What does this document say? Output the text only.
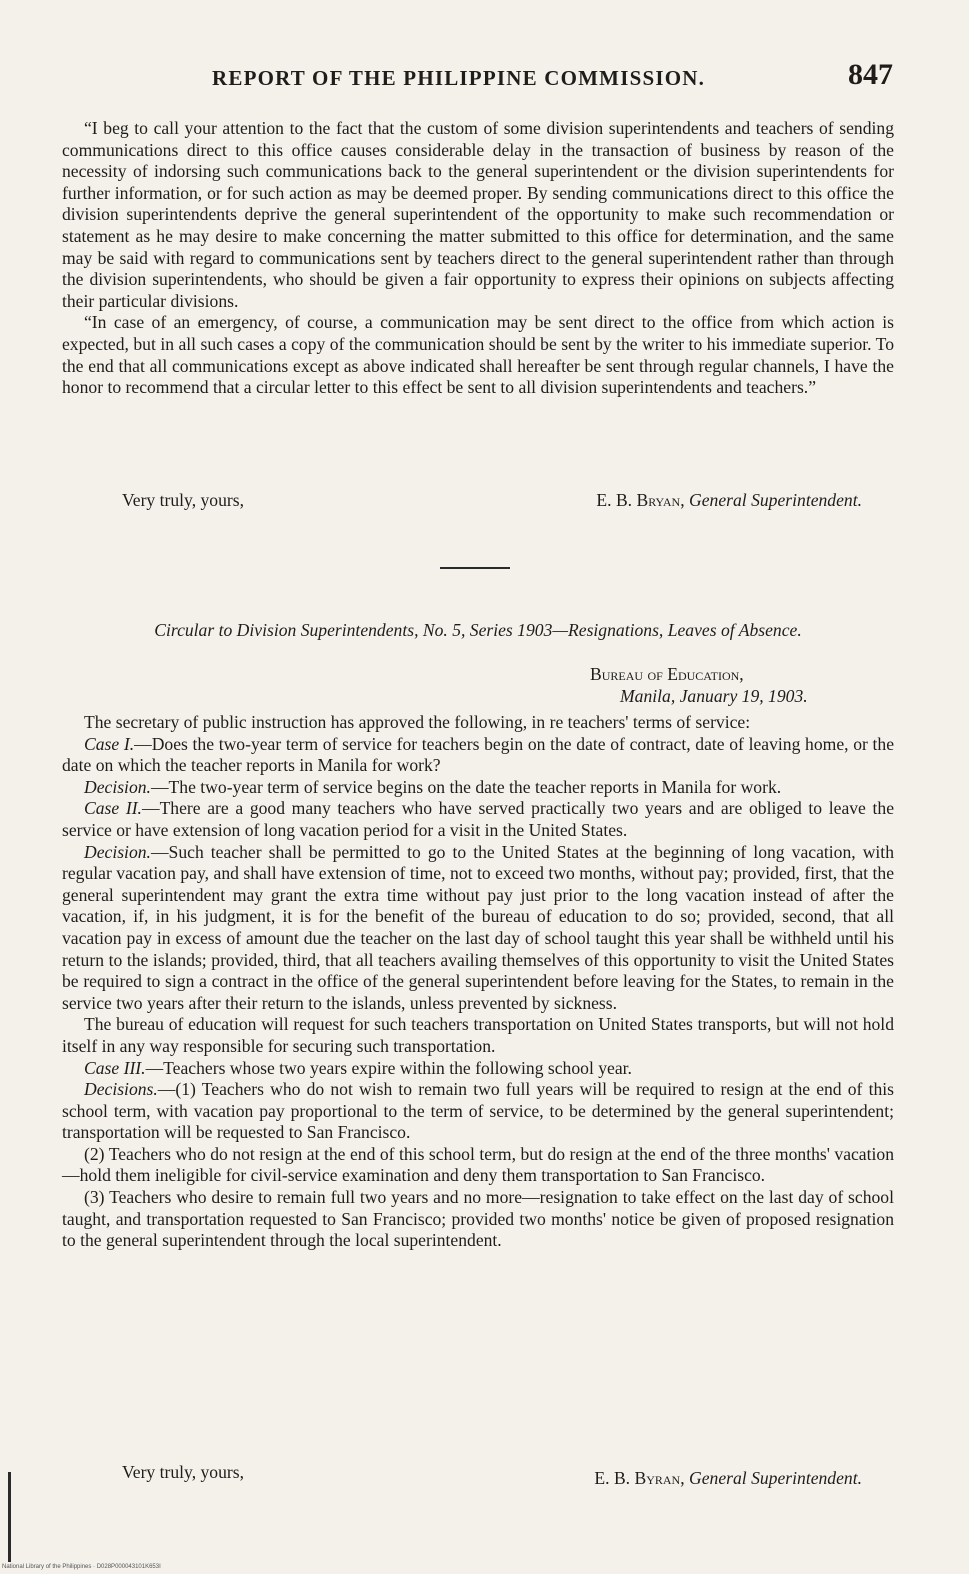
REPORT OF THE PHILIPPINE COMMISSION.	847

“I beg to call your attention to the fact that the custom of some division superintendents and teachers of sending communications direct to this office causes considerable delay in the transaction of business by reason of the necessity of indorsing such communications back to the general superintendent or the division superintendents for further information, or for such action as may be deemed proper. By sending communications direct to this office the division superintendents deprive the general superintendent of the opportunity to make such recommendation or statement as he may desire to make concerning the matter submitted to this office for determination, and the same may be said with regard to communications sent by teachers direct to the general superintendent rather than through the division superintendents, who should be given a fair opportunity to express their opinions on subjects affecting their particular divisions.

“In case of an emergency, of course, a communication may be sent direct to the office from which action is expected, but in all such cases a copy of the communication should be sent by the writer to his immediate superior. To the end that all communications except as above indicated shall hereafter be sent through regular channels, I have the honor to recommend that a circular letter to this effect be sent to all division superintendents and teachers.”

Very truly, yours,	E. B. Bryan, General Superintendent.
Circular to Division Superintendents, No. 5, Series 1903—Resignations, Leaves of Absence.
Bureau of Education,
Manila, January 19, 1903.

The secretary of public instruction has approved the following, in re teachers' terms of service:

Case I.—Does the two-year term of service for teachers begin on the date of contract, date of leaving home, or the date on which the teacher reports in Manila for work?

Decision.—The two-year term of service begins on the date the teacher reports in Manila for work.

Case II.—There are a good many teachers who have served practically two years and are obliged to leave the service or have extension of long vacation period for a visit in the United States.

Decision.—Such teacher shall be permitted to go to the United States at the beginning of long vacation, with regular vacation pay, and shall have extension of time, not to exceed two months, without pay; provided, first, that the general superintendent may grant the extra time without pay just prior to the long vacation instead of after the vacation, if, in his judgment, it is for the benefit of the bureau of education to do so; provided, second, that all vacation pay in excess of amount due the teacher on the last day of school taught this year shall be withheld until his return to the islands; provided, third, that all teachers availing themselves of this opportunity to visit the United States be required to sign a contract in the office of the general superintendent before leaving for the States, to remain in the service two years after their return to the islands, unless prevented by sickness.

The bureau of education will request for such teachers transportation on United States transports, but will not hold itself in any way responsible for securing such transportation.

Case III.—Teachers whose two years expire within the following school year.

Decisions.—(1) Teachers who do not wish to remain two full years will be required to resign at the end of this school term, with vacation pay proportional to the term of service, to be determined by the general superintendent; transportation will be requested to San Francisco.

(2) Teachers who do not resign at the end of this school term, but do resign at the end of the three months' vacation—hold them ineligible for civil-service examination and deny them transportation to San Francisco.

(3) Teachers who desire to remain full two years and no more—resignation to take effect on the last day of school taught, and transportation requested to San Francisco; provided two months' notice be given of proposed resignation to the general superintendent through the local superintendent.

Very truly, yours,	E. B. Byran, General Superintendent.
National Library of the Philippines · D028P000043101K653I
